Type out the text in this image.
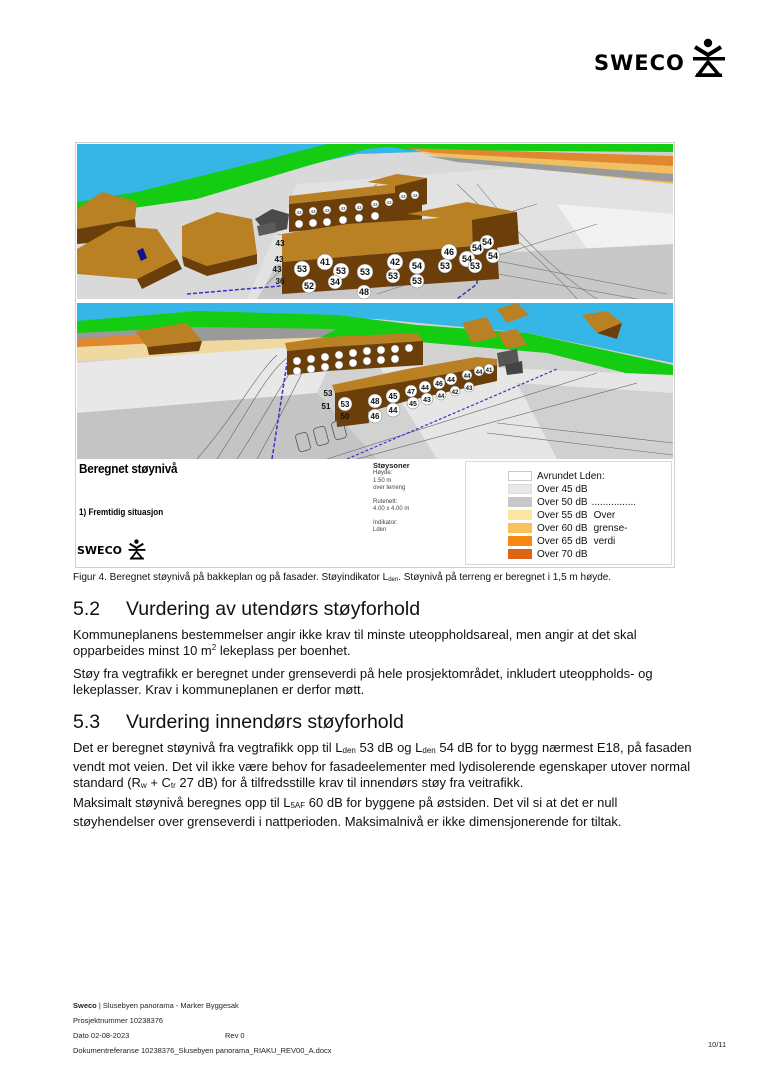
SWECO
53
41
53
52 34
53
48
42
53
54
53
46
53
54
54
54
53
54
43
43
36
43
43 43 43 43 43
43 43
43 43
53
51 53
50
48
45
46
44
47
44
45
43
46
44
44
42
44
44
43
41
Beregnet støynivå
1) Fremtidig situasjon
SWECO
Støysoner
Høyde:
1.50 m
over terreng
Rutenett:
4.00 x 4.00 m
Indikator:
Lden
Avrundet Lden:
Over 45 dB
Over 50 dB ................
Over 55 dB Over
Over 60 dB grense-
Over 65 dB verdi
Over 70 dB
Figur 4. Beregnet støynivå på bakkeplan og på fasader. Støyindikator $L_{den}$. Støynivå på terreng er beregnet i 1,5 m høyde.
5.2 Vurdering av utendørs støyforhold
Kommuneplanens bestemmelser angir ikke krav til minste uteoppholdsareal, men angir at det skal opparbeides minst 10 $m^2$ lekeplass per boenhet.
Støy fra vegtrafikk er beregnet under grenseverdi på hele prosjektområdet, inkludert uteoppholds- og lekeplasser. Krav i kommuneplanen er derfor møtt.
5.3 Vurdering innendørs støyforhold
Det er beregnet støynivå fra vegtrafikk opp til $L_{den}$ 53 dB og $L_{den}$ 54 dB for to bygg nærmest E18, på fasaden vendt mot veien. Det vil ikke være behov for fasadeelementer med lydisolerende egenskaper utover normal standard ($R_w + C_{tr}$ 27 dB) for å tilfredsstille krav til innendørs støy fra veitrafikk.
Maksimalt støynivå beregnes opp til $L_{5AF}$ 60 dB for byggene på østsiden. Det vil si at det er null støyhendelser over grenseverdi i nattperioden. Maksimalnivå er ikke dimensjonerende for tiltak.
Sweco | Slusebyen panorama - Marker Byggesak
Prosjektnummer 10238376
Dato 02-08-2023	Rev 0
Dokumentreferanse 10238376_Slusebyen panorama_RIAKU_REV00_A.docx
10/11
